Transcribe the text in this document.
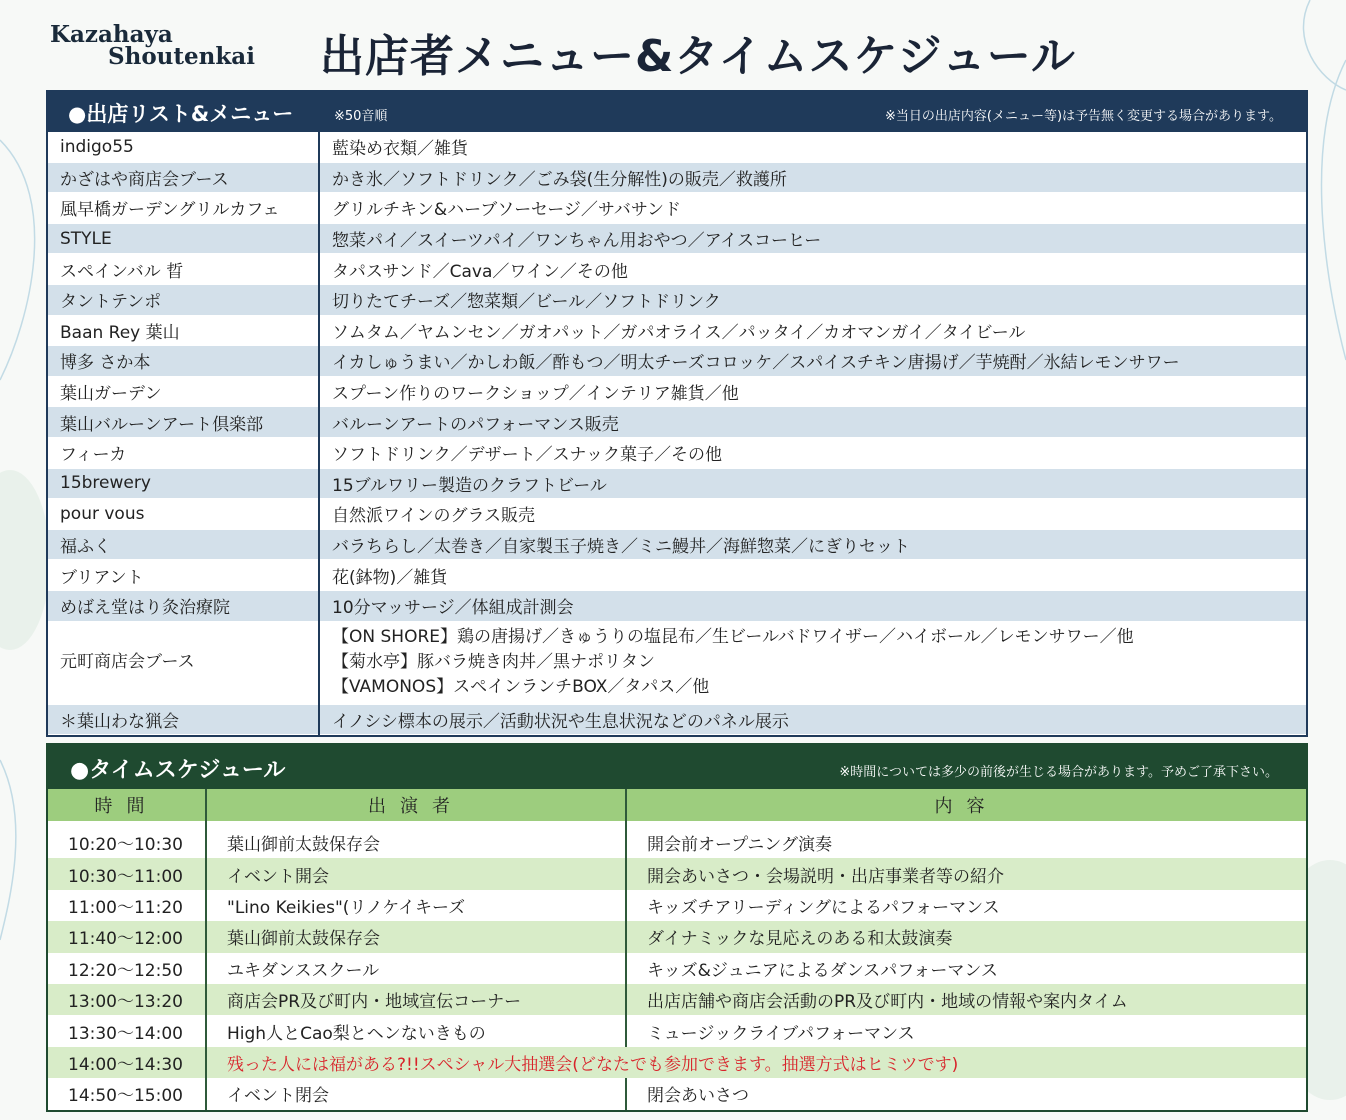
Kazahaya
Shoutenkai 出店者メニュー&タイムスケジュール
●出店リスト&メニュー	※50音順	※当日の出店内容(メニュー等)は予告無く変更する場合があります。
indigo55	藍染め衣類／雑貨

かざはや商店会ブース	かき氷／ソフトドリンク／ごみ袋(生分解性)の販売／救護所

風早橋ガーデングリルカフェ	グリルチキン&ハーブソーセージ／サバサンド

STYLE	惣菜パイ／スイーツパイ／ワンちゃん用おやつ／アイスコーヒー

スペインバル 晢	タパスサンド／Cava／ワイン／その他

タントテンポ	切りたてチーズ／惣菜類／ビール／ソフトドリンク

Baan Rey 葉山	ソムタム／ヤムンセン／ガオパット／ガパオライス／パッタイ／カオマンガイ／タイビール

博多 さか本	イカしゅうまい／かしわ飯／酢もつ／明太チーズコロッケ／スパイスチキン唐揚げ／芋焼酎／氷結レモンサワー

葉山ガーデン	スプーン作りのワークショップ／インテリア雑貨／他

葉山バルーンアート倶楽部	バルーンアートのパフォーマンス販売

フィーカ	ソフトドリンク／デザート／スナック菓子／その他

15brewery	15ブルワリー製造のクラフトビール

pour vous	自然派ワインのグラス販売

福ふく	バラちらし／太巻き／自家製玉子焼き／ミニ鰻丼／海鮮惣菜／にぎりセット

ブリアント	花(鉢物)／雑貨

めばえ堂はり灸治療院	10分マッサージ／体組成計測会

元町商店会ブース	【ON SHORE】鶏の唐揚げ／きゅうりの塩昆布／生ビールバドワイザー／ハイボール／レモンサワー／他
【菊水亭】豚バラ焼き肉丼／黒ナポリタン
【VAMONOS】スペインランチBOX／タパス／他

＊葉山わな猟会	イノシシ標本の展示／活動状況や生息状況などのパネル展示
●タイムスケジュール	※時間については多少の前後が生じる場合があります。予めご了承下さい。
時間	出演者	内容
10:20〜10:30	葉山御前太鼓保存会	開会前オープニング演奏
10:30〜11:00	イベント開会	開会あいさつ・会場説明・出店事業者等の紹介
11:00〜11:20	"Lino Keikies"(リノケイキーズ	キッズチアリーディングによるパフォーマンス
11:40〜12:00	葉山御前太鼓保存会	ダイナミックな見応えのある和太鼓演奏
12:20〜12:50	ユキダンススクール	キッズ&ジュニアによるダンスパフォーマンス
13:00〜13:20	商店会PR及び町内・地域宣伝コーナー	出店店舗や商店会活動のPR及び町内・地域の情報や案内タイム
13:30〜14:00	High人とCao梨とヘンないきもの	ミュージックライブパフォーマンス
14:00〜14:30	残った人には福がある?!!スペシャル大抽選会(どなたでも参加できます。抽選方式はヒミツです)	
14:50〜15:00	イベント閉会	閉会あいさつ
